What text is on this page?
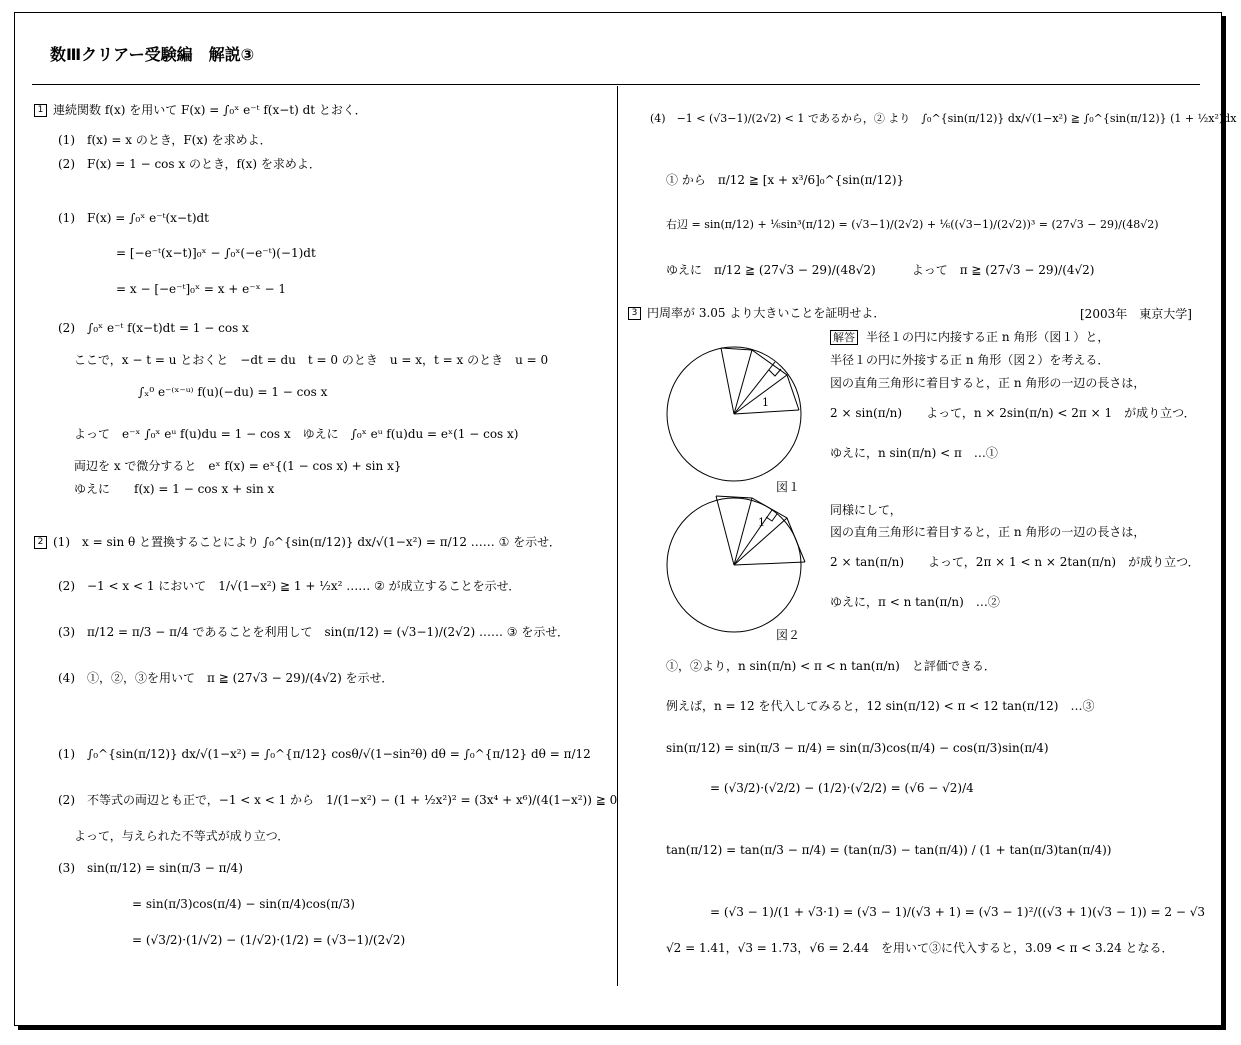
数Ⅲクリアー受験編　解説③
1 連続関数 f(x) を用いて F(x) = ∫₀ˣ e⁻ᵗ f(x−t) dt とおく．
(1)　f(x) = x のとき，F(x) を求めよ．
(2)　F(x) = 1 − cos x のとき，f(x) を求めよ．
(1)　F(x) = ∫₀ˣ e⁻ᵗ(x−t)dt
= [−e⁻ᵗ(x−t)]₀ˣ − ∫₀ˣ(−e⁻ᵗ)(−1)dt
= x − [−e⁻ᵗ]₀ˣ = x + e⁻ˣ − 1
(2)　∫₀ˣ e⁻ᵗ f(x−t)dt = 1 − cos x
ここで，x − t = u とおくと　−dt = du　t = 0 のとき　u = x，t = x のとき　u = 0
∫ₓ⁰ e⁻⁽ˣ⁻ᵘ⁾ f(u)(−du) = 1 − cos x
よって　e⁻ˣ ∫₀ˣ eᵘ f(u)du = 1 − cos x　ゆえに　∫₀ˣ eᵘ f(u)du = eˣ(1 − cos x)
両辺を x で微分すると　eˣ f(x) = eˣ{(1 − cos x) + sin x}
ゆえに　　f(x) = 1 − cos x + sin x
2 (1)　x = sin θ と置換することにより ∫₀^{sin(π/12)} dx/√(1−x²) = π/12 …… ① を示せ．
(2)　−1 < x < 1 において　1/√(1−x²) ≧ 1 + ½x² …… ② が成立することを示せ．
(3)　π/12 = π/3 − π/4 であることを利用して　sin(π/12) = (√3−1)/(2√2) …… ③ を示せ．
(4)　①，②，③を用いて　π ≧ (27√3 − 29)/(4√2) を示せ．
(1)　∫₀^{sin(π/12)} dx/√(1−x²) = ∫₀^{π/12} cosθ/√(1−sin²θ) dθ = ∫₀^{π/12} dθ = π/12
(2)　不等式の両辺とも正で，−1 < x < 1 から　1/(1−x²) − (1 + ½x²)² = (3x⁴ + x⁶)/(4(1−x²)) ≧ 0
よって，与えられた不等式が成り立つ．
(3)　sin(π/12) = sin(π/3 − π/4)
= sin(π/3)cos(π/4) − sin(π/4)cos(π/3)
= (√3/2)·(1/√2) − (1/√2)·(1/2) = (√3−1)/(2√2)
(4)　−1 < (√3−1)/(2√2) < 1 であるから，② より　∫₀^{sin(π/12)} dx/√(1−x²) ≧ ∫₀^{sin(π/12)} (1 + ½x²)dx
① から　π/12 ≧ [x + x³/6]₀^{sin(π/12)}
右辺 = sin(π/12) + ⅙sin³(π/12) = (√3−1)/(2√2) + ⅙((√3−1)/(2√2))³ = (27√3 − 29)/(48√2)
ゆえに　π/12 ≧ (27√3 − 29)/(48√2)　　　よって　π ≧ (27√3 − 29)/(4√2)
3 円周率が 3.05 より大きいことを証明せよ．	[2003年　東京大学]
解答 半径１の円に内接する正 n 角形（図１）と，
半径１の円に外接する正 n 角形（図２）を考える．
図の直角三角形に着目すると，正 n 角形の一辺の長さは，
2 × sin(π/n)　　よって，n × 2sin(π/n) < 2π × 1　が成り立つ．
ゆえに，n sin(π/n) < π　…①
1
図１
同様にして，
図の直角三角形に着目すると，正 n 角形の一辺の長さは，
2 × tan(π/n)　　よって，2π × 1 < n × 2tan(π/n)　が成り立つ．
ゆえに，π < n tan(π/n)　…②
1
図２
①，②より，n sin(π/n) < π < n tan(π/n)　と評価できる．
例えば，n = 12 を代入してみると，12 sin(π/12) < π < 12 tan(π/12)　…③
sin(π/12) = sin(π/3 − π/4) = sin(π/3)cos(π/4) − cos(π/3)sin(π/4)
= (√3/2)·(√2/2) − (1/2)·(√2/2) = (√6 − √2)/4
tan(π/12) = tan(π/3 − π/4) = (tan(π/3) − tan(π/4)) / (1 + tan(π/3)tan(π/4))
= (√3 − 1)/(1 + √3·1) = (√3 − 1)/(√3 + 1) = (√3 − 1)²/((√3 + 1)(√3 − 1)) = 2 − √3
√2 = 1.41，√3 = 1.73，√6 = 2.44　を用いて③に代入すると，3.09 < π < 3.24 となる．
